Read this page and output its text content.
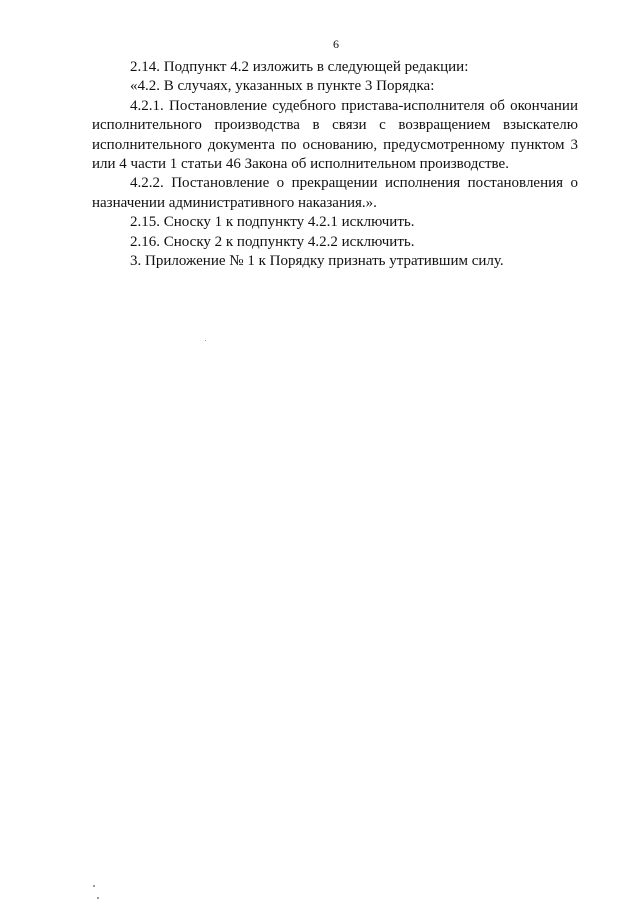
6

2.14. Подпункт 4.2 изложить в следующей редакции:

«4.2. В случаях, указанных в пункте 3 Порядка:

4.2.1. Постановление судебного пристава-исполнителя об окончании исполнительного производства в связи с возвращением взыскателю исполнительного документа по основанию, предусмотренному пунктом 3 или 4 части 1 статьи 46 Закона об исполнительном производстве.

4.2.2. Постановление о прекращении исполнения постановления о назначении административного наказания.».

2.15. Сноску 1 к подпункту 4.2.1 исключить.

2.16. Сноску 2 к подпункту 4.2.2 исключить.

3. Приложение № 1 к Порядку признать утратившим силу.
